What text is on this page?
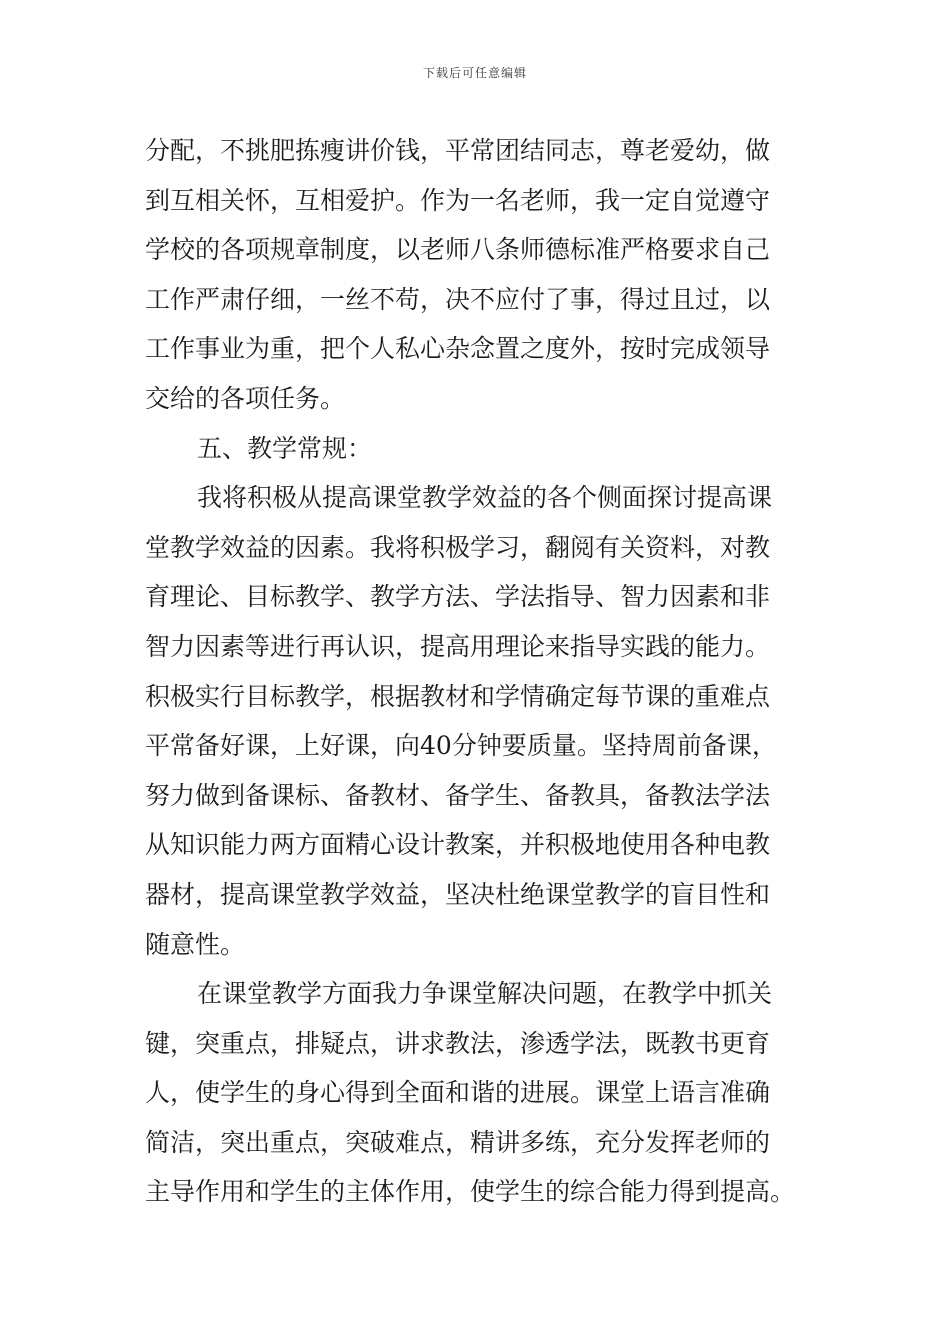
下载后可任意编辑
分配，不挑肥拣瘦讲价钱，平常团结同志，尊老爱幼，做
到互相关怀，互相爱护。作为一名老师，我一定自觉遵守
学校的各项规章制度，以老师八条师德标准严格要求自己
工作严肃仔细，一丝不苟，决不应付了事，得过且过，以
工作事业为重，把个人私心杂念置之度外，按时完成领导
交给的各项任务。
五、教学常规：
我将积极从提高课堂教学效益的各个侧面探讨提高课
堂教学效益的因素。我将积极学习，翻阅有关资料，对教
育理论、目标教学、教学方法、学法指导、智力因素和非
智力因素等进行再认识，提高用理论来指导实践的能力。
积极实行目标教学，根据教材和学情确定每节课的重难点
平常备好课，上好课，向40分钟要质量。坚持周前备课，
努力做到备课标、备教材、备学生、备教具，备教法学法
从知识能力两方面精心设计教案，并积极地使用各种电教
器材，提高课堂教学效益，坚决杜绝课堂教学的盲目性和
随意性。
在课堂教学方面我力争课堂解决问题，在教学中抓关
键，突重点，排疑点，讲求教法，渗透学法，既教书更育
人，使学生的身心得到全面和谐的进展。课堂上语言准确
简洁，突出重点，突破难点，精讲多练，充分发挥老师的
主导作用和学生的主体作用，使学生的综合能力得到提高。
